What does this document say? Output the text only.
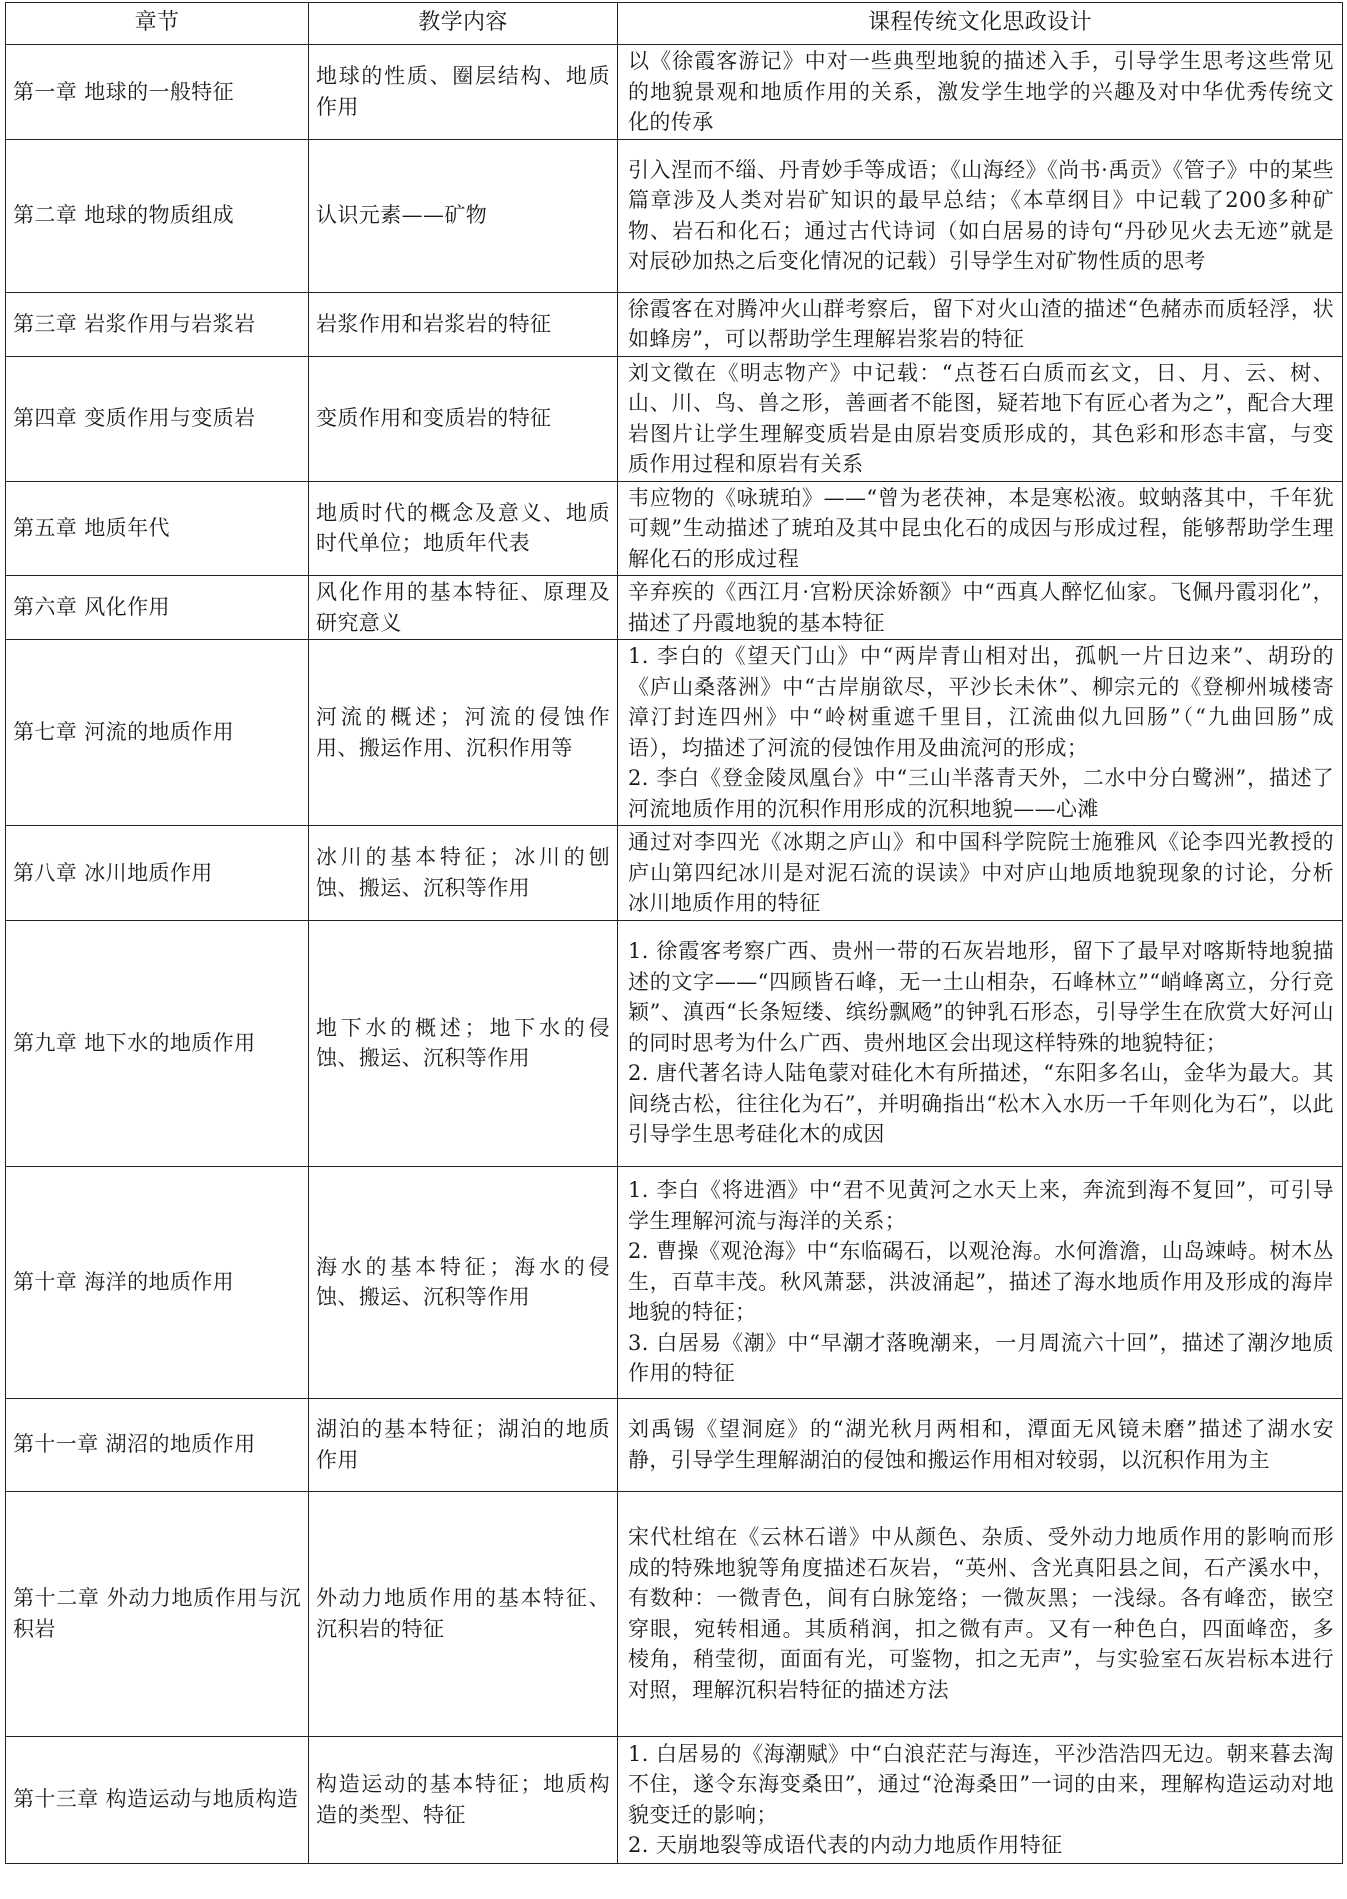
章节	教学内容	课程传统文化思政设计
第一章 地球的一般特征	地球的性质、圈层结构、地质作用	以《徐霞客游记》中对一些典型地貌的描述入手，引导学生思考这些常见的地貌景观和地质作用的关系，激发学生地学的兴趣及对中华优秀传统文化的传承

第二章 地球的物质组成	认识元素——矿物	引入涅而不缁、丹青妙手等成语；《山海经》《尚书·禹贡》《管子》中的某些篇章涉及人类对岩矿知识的最早总结；《本草纲目》中记载了200多种矿物、岩石和化石；通过古代诗词（如白居易的诗句“丹砂见火去无迹”就是对辰砂加热之后变化情况的记载）引导学生对矿物性质的思考

第三章 岩浆作用与岩浆岩	岩浆作用和岩浆岩的特征	徐霞客在对腾冲火山群考察后，留下对火山渣的描述“色赭赤而质轻浮，状如蜂房”，可以帮助学生理解岩浆岩的特征

第四章 变质作用与变质岩	变质作用和变质岩的特征	刘文徵在《明志物产》中记载：“点苍石白质而玄文，日、月、云、树、山、川、鸟、兽之形，善画者不能图，疑若地下有匠心者为之”，配合大理岩图片让学生理解变质岩是由原岩变质形成的，其色彩和形态丰富，与变质作用过程和原岩有关系

第五章 地质年代	地质时代的概念及意义、地质时代单位；地质年代表	韦应物的《咏琥珀》——“曾为老茯神，本是寒松液。蚊蚋落其中，千年犹可觌”生动描述了琥珀及其中昆虫化石的成因与形成过程，能够帮助学生理解化石的形成过程

第六章 风化作用	风化作用的基本特征、原理及研究意义	辛弃疾的《西江月·宫粉厌涂娇额》中“西真人醉忆仙家。飞佩丹霞羽化”，描述了丹霞地貌的基本特征

第七章 河流的地质作用	河流的概述；河流的侵蚀作用、搬运作用、沉积作用等	1. 李白的《望天门山》中“两岸青山相对出，孤帆一片日边来”、胡玢的《庐山桑落洲》中“古岸崩欲尽，平沙长未休”、柳宗元的《登柳州城楼寄漳汀封连四州》中“岭树重遮千里目，江流曲似九回肠”（“九曲回肠”成语），均描述了河流的侵蚀作用及曲流河的形成；
2. 李白《登金陵凤凰台》中“三山半落青天外，二水中分白鹭洲”，描述了河流地质作用的沉积作用形成的沉积地貌——心滩

第八章 冰川地质作用	冰川的基本特征；冰川的刨蚀、搬运、沉积等作用	通过对李四光《冰期之庐山》和中国科学院院士施雅风《论李四光教授的庐山第四纪冰川是对泥石流的误读》中对庐山地质地貌现象的讨论，分析冰川地质作用的特征

第九章 地下水的地质作用	地下水的概述；地下水的侵蚀、搬运、沉积等作用	1. 徐霞客考察广西、贵州一带的石灰岩地形，留下了最早对喀斯特地貌描述的文字——“四顾皆石峰，无一土山相杂，石峰林立”“峭峰离立，分行竞颖”、滇西“长条短缕、缤纷飘飏”的钟乳石形态，引导学生在欣赏大好河山的同时思考为什么广西、贵州地区会出现这样特殊的地貌特征；
2. 唐代著名诗人陆龟蒙对硅化木有所描述，“东阳多名山，金华为最大。其间绕古松，往往化为石”，并明确指出“松木入水历一千年则化为石”，以此引导学生思考硅化木的成因

第十章 海洋的地质作用	海水的基本特征；海水的侵蚀、搬运、沉积等作用	1. 李白《将进酒》中“君不见黄河之水天上来，奔流到海不复回”，可引导学生理解河流与海洋的关系；
2. 曹操《观沧海》中“东临碣石，以观沧海。水何澹澹，山岛竦峙。树木丛生，百草丰茂。秋风萧瑟，洪波涌起”，描述了海水地质作用及形成的海岸地貌的特征；
3. 白居易《潮》中“早潮才落晚潮来，一月周流六十回”，描述了潮汐地质作用的特征

第十一章 湖沼的地质作用	湖泊的基本特征；湖泊的地质作用	刘禹锡《望洞庭》的“湖光秋月两相和，潭面无风镜未磨”描述了湖水安静，引导学生理解湖泊的侵蚀和搬运作用相对较弱，以沉积作用为主

第十二章 外动力地质作用与沉积岩	外动力地质作用的基本特征、沉积岩的特征	宋代杜绾在《云林石谱》中从颜色、杂质、受外动力地质作用的影响而形成的特殊地貌等角度描述石灰岩，“英州、含光真阳县之间，石产溪水中，有数种：一微青色，间有白脉笼络；一微灰黑；一浅绿。各有峰峦，嵌空穿眼，宛转相通。其质稍润，扣之微有声。又有一种色白，四面峰峦，多棱角，稍莹彻，面面有光，可鉴物，扣之无声”，与实验室石灰岩标本进行对照，理解沉积岩特征的描述方法

第十三章 构造运动与地质构造	构造运动的基本特征；地质构造的类型、特征	1. 白居易的《海潮赋》中“白浪茫茫与海连，平沙浩浩四无边。朝来暮去淘不住，遂令东海变桑田”，通过“沧海桑田”一词的由来，理解构造运动对地貌变迁的影响；
2. 天崩地裂等成语代表的内动力地质作用特征
